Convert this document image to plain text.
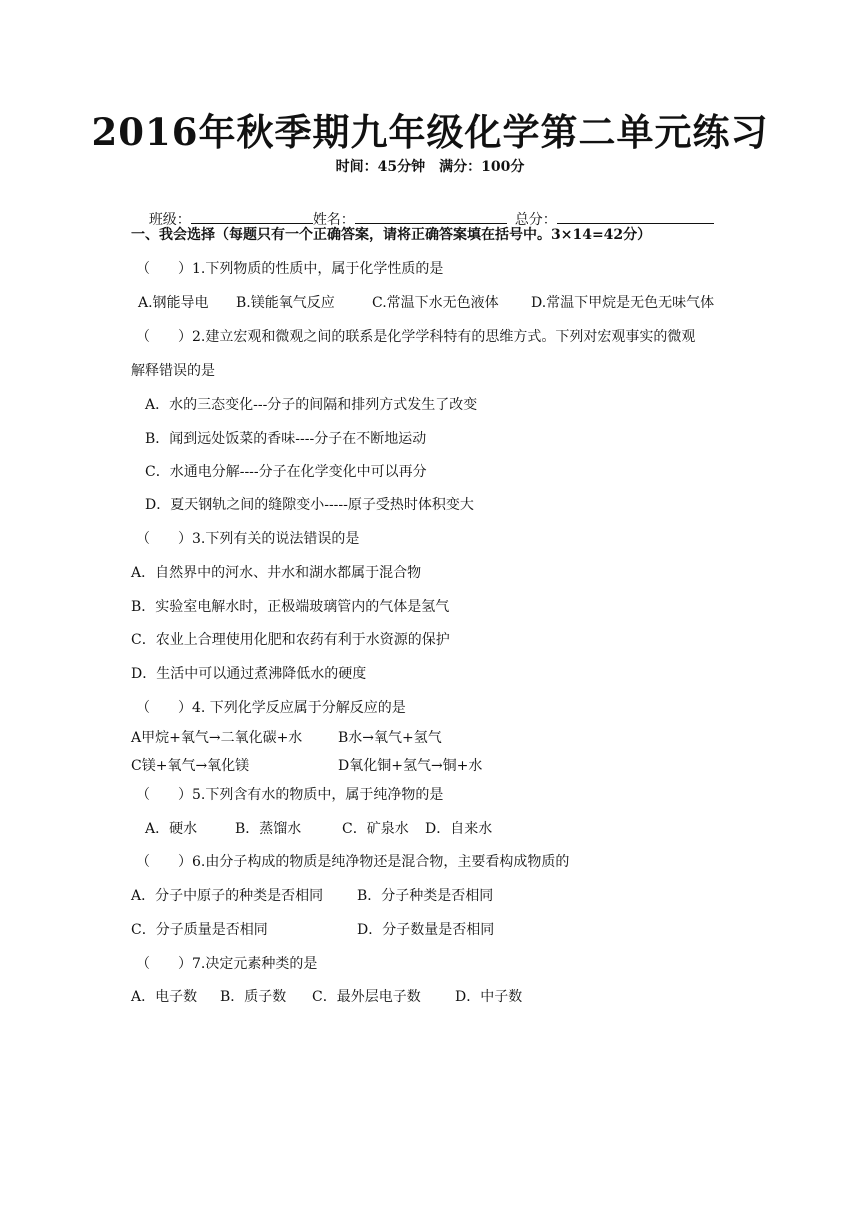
2016年秋季期九年级化学第二单元练习
时间：45分钟　满分：100分

班级：	姓名：	总分：

一、我会选择（每题只有一个正确答案，请将正确答案填在括号中。3×14=42分）
（　　）1.下列物质的性质中，属于化学性质的是
A.钢能导电 B.镁能氧气反应	C.常温下水无色液体 D.常温下甲烷是无色无味气体
（　　）2.建立宏观和微观之间的联系是化学学科特有的思维方式。下列对宏观事实的微观
解释错误的是
A．水的三态变化---分子的间隔和排列方式发生了改变
B．闻到远处饭菜的香味----分子在不断地运动
C．水通电分解----分子在化学变化中可以再分
D．夏天钢轨之间的缝隙变小-----原子受热时体积变大
（　　）3.下列有关的说法错误的是
A．自然界中的河水、井水和湖水都属于混合物
B．实验室电解水时，正极端玻璃管内的气体是氢气
C．农业上合理使用化肥和农药有利于水资源的保护
D．生活中可以通过煮沸降低水的硬度
（　　）4. 下列化学反应属于分解反应的是
A甲烷+氧气→二氧化碳+水	B水→氧气+氢气
C镁+氧气→氧化镁	D氧化铜+氢气→铜+水
（　　）5.下列含有水的物质中，属于纯净物的是
A．硬水	B．蒸馏水	C．矿泉水 D．自来水
（　　）6.由分子构成的物质是纯净物还是混合物，主要看构成物质的
A．分子中原子的种类是否相同 B．分子种类是否相同
C．分子质量是否相同	D．分子数量是否相同
（　　）7.决定元素种类的是
A．电子数 B．质子数 C．最外层电子数 D．中子数
